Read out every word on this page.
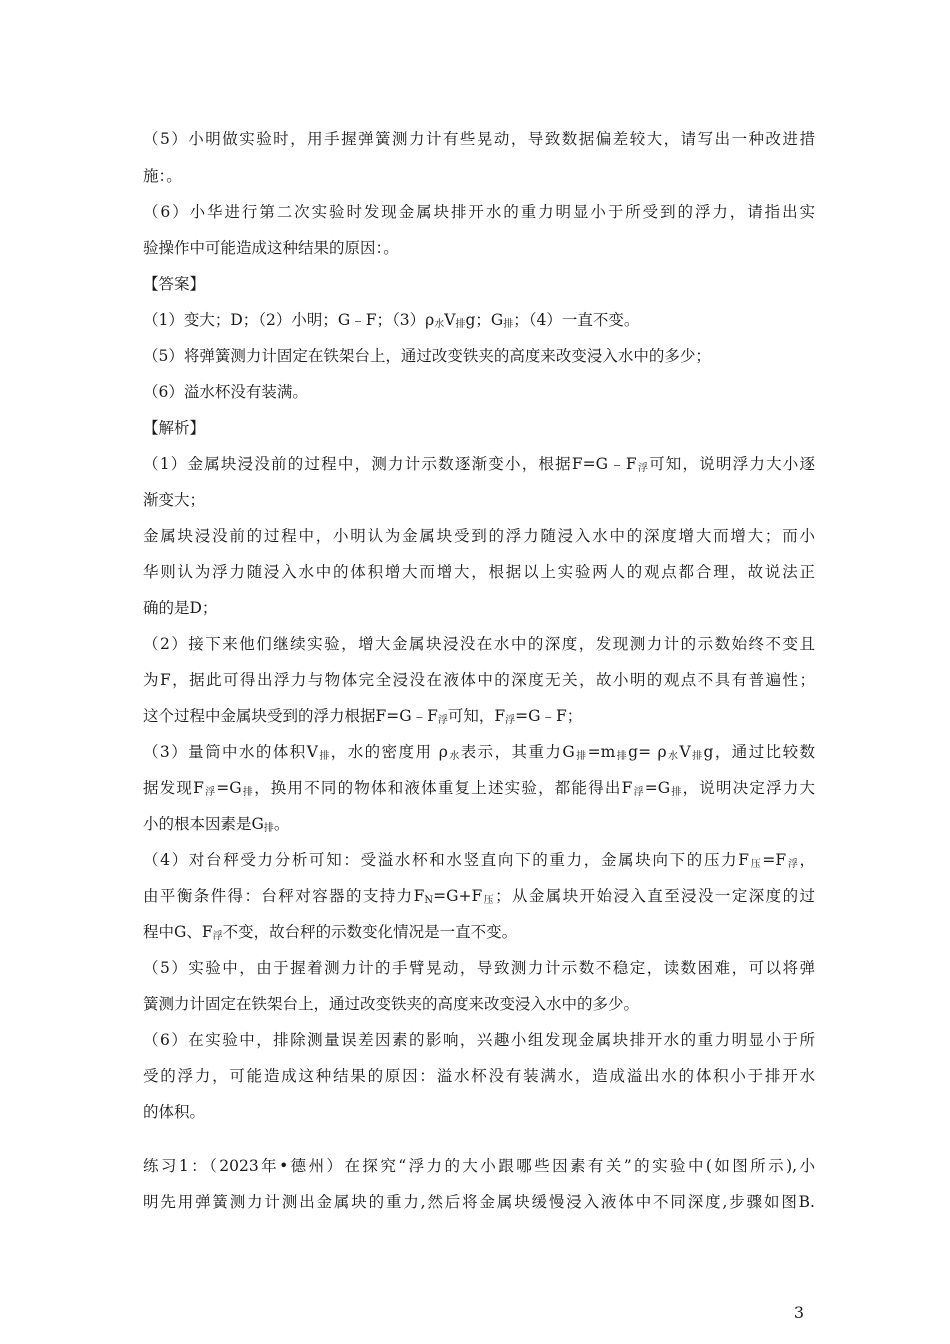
（5）小明做实验时，用手握弹簧测力计有些晃动，导致数据偏差较大，请写出一种改进措
施：。
（6）小华进行第二次实验时发现金属块排开水的重力明显小于所受到的浮力，请指出实
验操作中可能造成这种结果的原因：。
【答案】
（1）变大；D；（2）小明；G﹣F；$(3)\rho_水V_排g$；$G_排$；（4）一直不变。
（5）将弹簧测力计固定在铁架台上，通过改变铁夹的高度来改变浸入水中的多少；
（6）溢水杯没有装满。
【解析】
（1）金属块浸没前的过程中，测力计示数逐渐变小，根据$F=G﹣F_浮$可知，说明浮力大小逐
渐变大；
金属块浸没前的过程中，小明认为金属块受到的浮力随浸入水中的深度增大而增大；而小
华则认为浮力随浸入水中的体积增大而增大，根据以上实验两人的观点都合理，故说法正
确的是D；
（2）接下来他们继续实验，增大金属块浸没在水中的深度，发现测力计的示数始终不变且
为F，据此可得出浮力与物体完全浸没在液体中的深度无关，故小明的观点不具有普遍性；
这个过程中金属块受到的浮力根据$F=G﹣F_浮$可知，$F_浮=G﹣F$；
（3）量筒中水的体积$V_排$，水的密度用 $\rho_水$表示，其重力$G_排=m_排g= \rho_水V_排g$，通过比较数
据发现$F_浮=G_排$，换用不同的物体和液体重复上述实验，都能得出$F_浮=G_排$，说明决定浮力大
小的根本因素是$G_排$。
（4）对台秤受力分析可知：受溢水杯和水竖直向下的重力，金属块向下的压力$F_压=F_浮$，
由平衡条件得：台秤对容器的支持力$F_N=G+F_压$；从金属块开始浸入直至浸没一定深度的过
程中G、$F_浮$不变，故台秤的示数变化情况是一直不变。
（5）实验中，由于握着测力计的手臂晃动，导致测力计示数不稳定，读数困难，可以将弹
簧测力计固定在铁架台上，通过改变铁夹的高度来改变浸入水中的多少。
（6）在实验中，排除测量误差因素的影响，兴趣小组发现金属块排开水的重力明显小于所
受的浮力，可能造成这种结果的原因：溢水杯没有装满水，造成溢出水的体积小于排开水
的体积。
练习1：（2023年•德州）在探究“浮力的大小跟哪些因素有关”的实验中(如图所示),小
明先用弹簧测力计测出金属块的重力,然后将金属块缓慢浸入液体中不同深度,步骤如图B.
3
